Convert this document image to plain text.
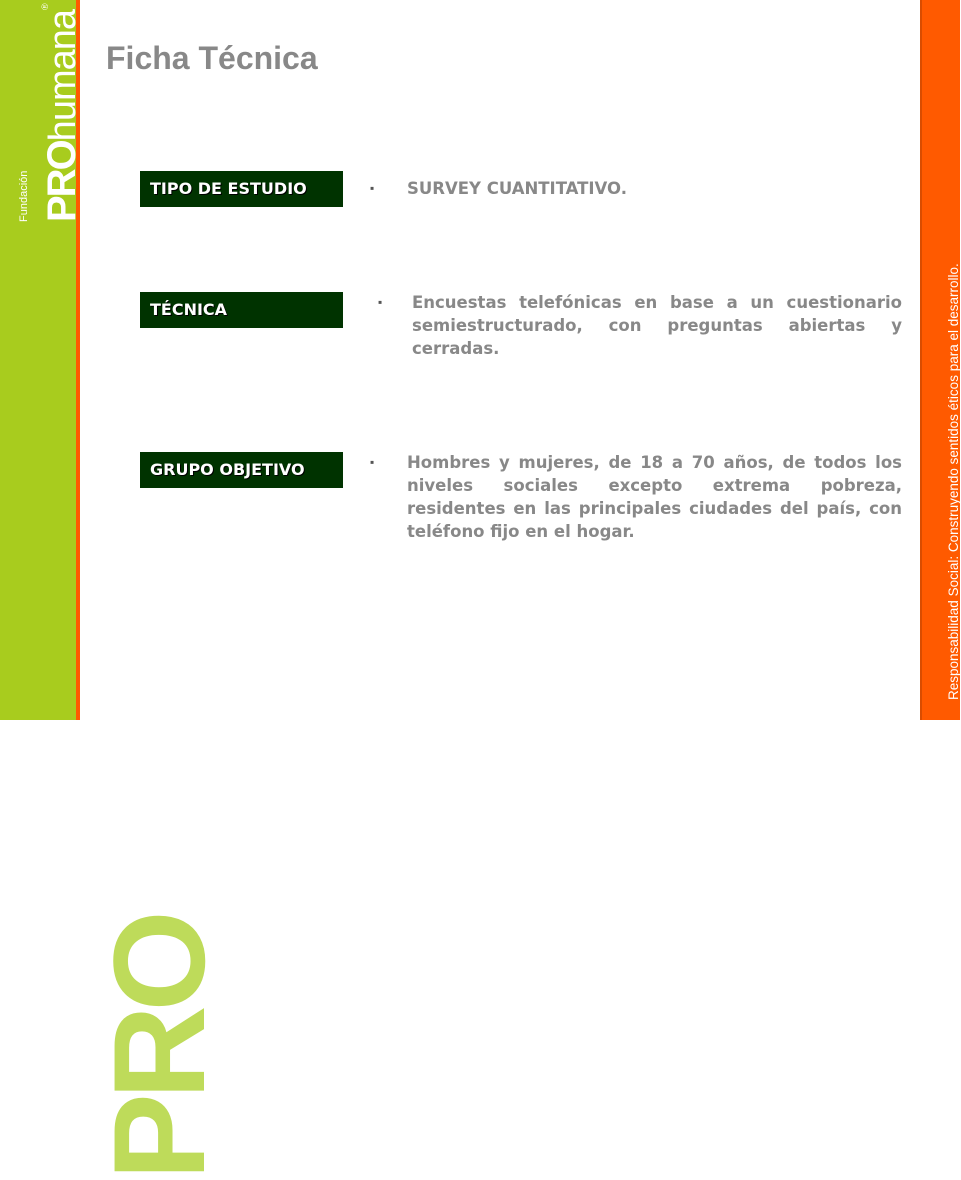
Fundación PROhumana®
PRO
Responsabilidad Social: Construyendo sentidos éticos para el desarrollo.
Ficha Técnica
TIPO DE ESTUDIO	▪ SURVEY CUANTITATIVO.
TÉCNICA	▪ Encuestas telefónicas en base a un cuestionario semiestructurado, con preguntas abiertas y cerradas.
GRUPO OBJETIVO	▪ Hombres y mujeres, de 18 a 70 años, de todos los niveles sociales excepto extrema pobreza, residentes en las principales ciudades del país, con teléfono fijo en el hogar.
